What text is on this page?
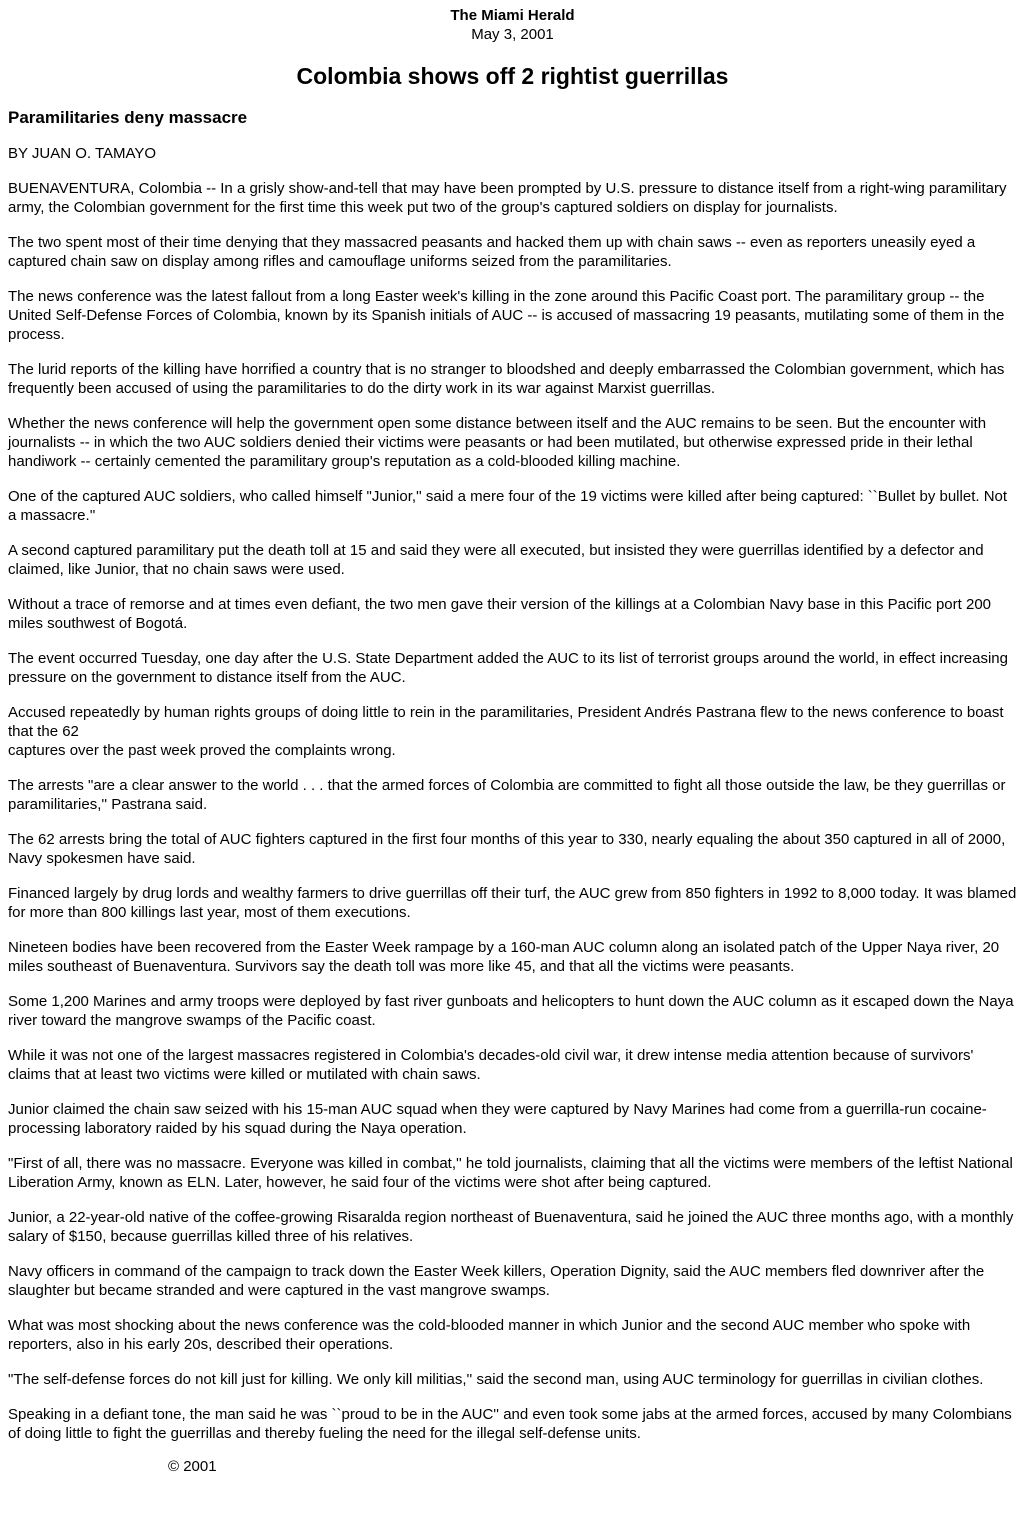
The Miami Herald
May 3, 2001
Colombia shows off 2 rightist guerrillas
Paramilitaries deny massacre

BY JUAN O. TAMAYO

BUENAVENTURA, Colombia -- In a grisly show-and-tell that may have been prompted by U.S. pressure to distance itself from a right-wing paramilitary army, the Colombian government for the first time this week put two of the group's captured soldiers on display for journalists.

The two spent most of their time denying that they massacred peasants and hacked them up with chain saws -- even as reporters uneasily eyed a captured chain saw on display among rifles and camouflage uniforms seized from the paramilitaries.

The news conference was the latest fallout from a long Easter week's killing in the zone around this Pacific Coast port. The paramilitary group -- the United Self-Defense Forces of Colombia, known by its Spanish initials of AUC -- is accused of massacring 19 peasants, mutilating some of them in the process.

The lurid reports of the killing have horrified a country that is no stranger to bloodshed and deeply embarrassed the Colombian government, which has frequently been accused of using the paramilitaries to do the dirty work in its war against Marxist guerrillas.

Whether the news conference will help the government open some distance between itself and the AUC remains to be seen. But the encounter with journalists -- in which the two AUC soldiers denied their victims were peasants or had been mutilated, but otherwise expressed pride in their lethal handiwork -- certainly cemented the paramilitary group's reputation as a cold-blooded killing machine.

One of the captured AUC soldiers, who called himself "Junior,'' said a mere four of the 19 victims were killed after being captured: ``Bullet by bullet. Not a massacre.''

A second captured paramilitary put the death toll at 15 and said they were all executed, but insisted they were guerrillas identified by a defector and claimed, like Junior, that no chain saws were used.

Without a trace of remorse and at times even defiant, the two men gave their version of the killings at a Colombian Navy base in this Pacific port 200 miles southwest of Bogotá.

The event occurred Tuesday, one day after the U.S. State Department added the AUC to its list of terrorist groups around the world, in effect increasing pressure on the government to distance itself from the AUC.

Accused repeatedly by human rights groups of doing little to rein in the paramilitaries, President Andrés Pastrana flew to the news conference to boast that the 62
captures over the past week proved the complaints wrong.

The arrests "are a clear answer to the world . . . that the armed forces of Colombia are committed to fight all those outside the law, be they guerrillas or paramilitaries,'' Pastrana said.

The 62 arrests bring the total of AUC fighters captured in the first four months of this year to 330, nearly equaling the about 350 captured in all of 2000, Navy spokesmen have said.

Financed largely by drug lords and wealthy farmers to drive guerrillas off their turf, the AUC grew from 850 fighters in 1992 to 8,000 today. It was blamed for more than 800 killings last year, most of them executions.

Nineteen bodies have been recovered from the Easter Week rampage by a 160-man AUC column along an isolated patch of the Upper Naya river, 20 miles southeast of Buenaventura. Survivors say the death toll was more like 45, and that all the victims were peasants.

Some 1,200 Marines and army troops were deployed by fast river gunboats and helicopters to hunt down the AUC column as it escaped down the Naya river toward the mangrove swamps of the Pacific coast.

While it was not one of the largest massacres registered in Colombia's decades-old civil war, it drew intense media attention because of survivors' claims that at least two victims were killed or mutilated with chain saws.

Junior claimed the chain saw seized with his 15-man AUC squad when they were captured by Navy Marines had come from a guerrilla-run cocaine-processing laboratory raided by his squad during the Naya operation.

"First of all, there was no massacre. Everyone was killed in combat,'' he told journalists, claiming that all the victims were members of the leftist National Liberation Army, known as ELN. Later, however, he said four of the victims were shot after being captured.

Junior, a 22-year-old native of the coffee-growing Risaralda region northeast of Buenaventura, said he joined the AUC three months ago, with a monthly salary of $150, because guerrillas killed three of his relatives.

Navy officers in command of the campaign to track down the Easter Week killers, Operation Dignity, said the AUC members fled downriver after the slaughter but became stranded and were captured in the vast mangrove swamps.

What was most shocking about the news conference was the cold-blooded manner in which Junior and the second AUC member who spoke with reporters, also in his early 20s, described their operations.

"The self-defense forces do not kill just for killing. We only kill militias,'' said the second man, using AUC terminology for guerrillas in civilian clothes.

Speaking in a defiant tone, the man said he was ``proud to be in the AUC'' and even took some jabs at the armed forces, accused by many Colombians of doing little to fight the guerrillas and thereby fueling the need for the illegal self-defense units.

© 2001
